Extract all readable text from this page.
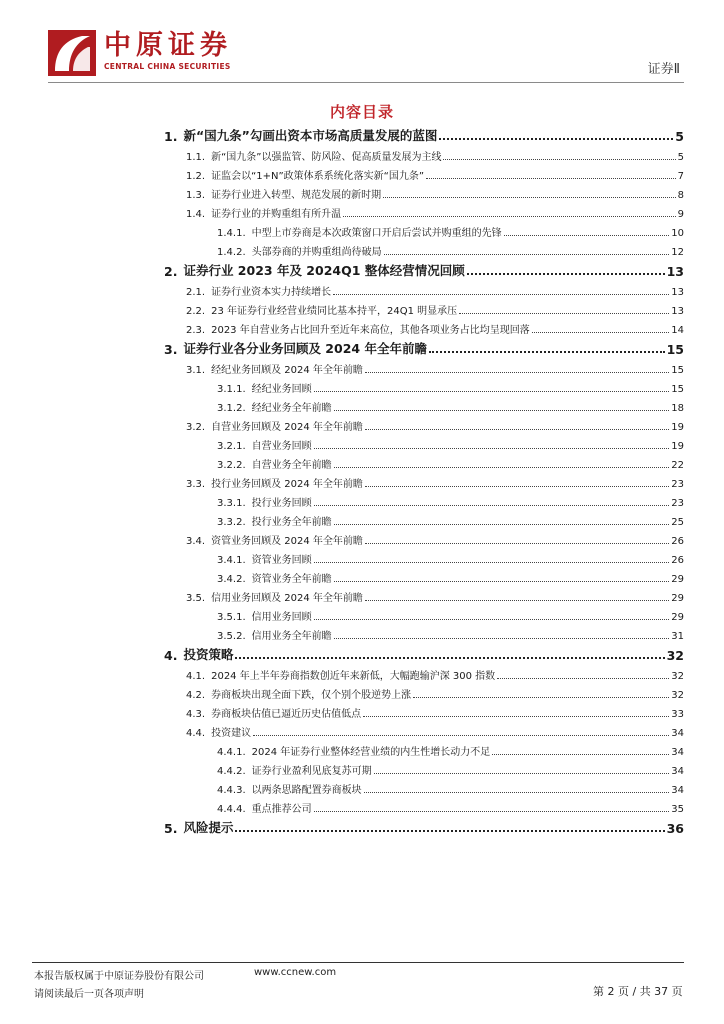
中原证券
CENTRAL CHINA SECURITIES	证券Ⅱ
内容目录
1. 新“国九条”勾画出资本市场高质量发展的蓝图	5
1.1. 新“国九条”以强监管、防风险、促高质量发展为主线	5
1.2. 证监会以“1+N”政策体系系统化落实新“国九条”	7
1.3. 证券行业进入转型、规范发展的新时期	8
1.4. 证券行业的并购重组有所升温	9
1.4.1. 中型上市券商是本次政策窗口开启后尝试并购重组的先锋	10
1.4.2. 头部券商的并购重组尚待破局	12
2. 证券行业 2023 年及 2024Q1 整体经营情况回顾	13
2.1. 证券行业资本实力持续增长	13
2.2. 23 年证券行业经营业绩同比基本持平，24Q1 明显承压	13
2.3. 2023 年自营业务占比回升至近年来高位，其他各项业务占比均呈现回落	14
3. 证券行业各分业务回顾及 2024 年全年前瞻	15
3.1. 经纪业务回顾及 2024 年全年前瞻	15
3.1.1. 经纪业务回顾	15
3.1.2. 经纪业务全年前瞻	18
3.2. 自营业务回顾及 2024 年全年前瞻	19
3.2.1. 自营业务回顾	19
3.2.2. 自营业务全年前瞻	22
3.3. 投行业务回顾及 2024 年全年前瞻	23
3.3.1. 投行业务回顾	23
3.3.2. 投行业务全年前瞻	25
3.4. 资管业务回顾及 2024 年全年前瞻	26
3.4.1. 资管业务回顾	26
3.4.2. 资管业务全年前瞻	29
3.5. 信用业务回顾及 2024 年全年前瞻	29
3.5.1. 信用业务回顾	29
3.5.2. 信用业务全年前瞻	31
4. 投资策略	32
4.1. 2024 年上半年券商指数创近年来新低，大幅跑输沪深 300 指数	32
4.2. 券商板块出现全面下跌，仅个别个股逆势上涨	32
4.3. 券商板块估值已逼近历史估值低点	33
4.4. 投资建议	34
4.4.1. 2024 年证券行业整体经营业绩的内生性增长动力不足	34
4.4.2. 证券行业盈利见底复苏可期	34
4.4.3. 以两条思路配置券商板块	34
4.4.4. 重点推荐公司	35
5. 风险提示	36
本报告版权属于中原证券股份有限公司	www.ccnew.com
请阅读最后一页各项声明	第 2 页 / 共 37 页
